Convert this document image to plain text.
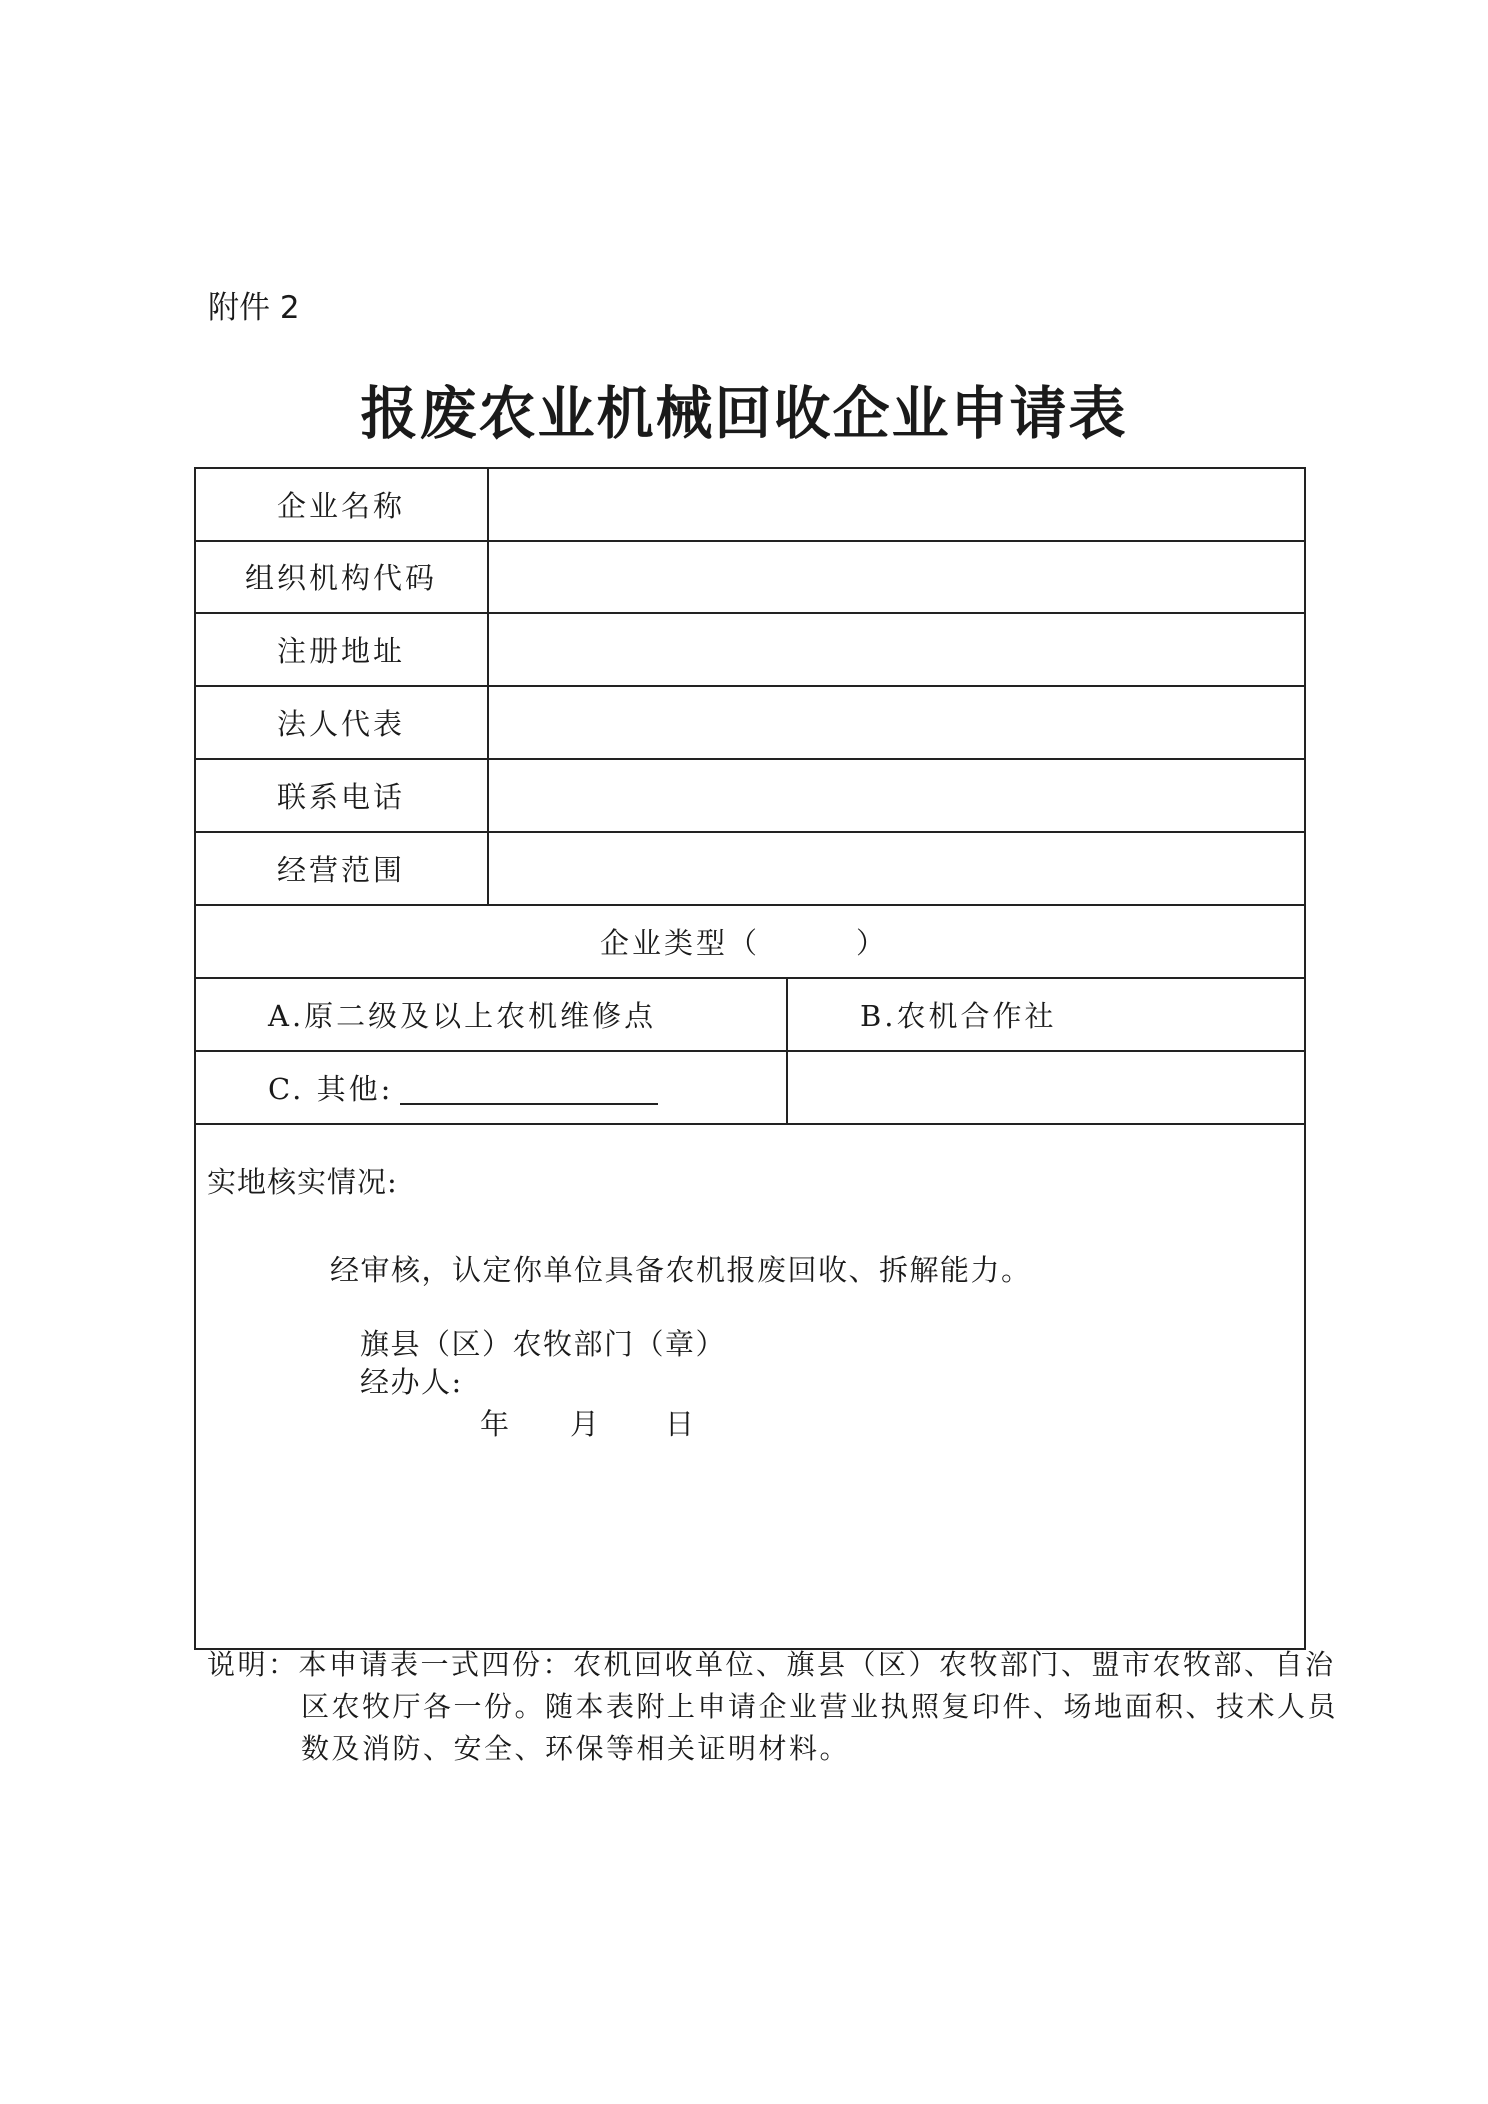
附件 2
报废农业机械回收企业申请表
企业名称
组织机构代码
注册地址
法人代表
联系电话
经营范围
企业类型（　　　）
A.原二级及以上农机维修点	B.农机合作社
C. 其他:
实地核实情况:
经审核，认定你单位具备农机报废回收、拆解能力。
旗县（区）农牧部门（章）
经办人:
年 月 日
说明：本申请表一式四份：农机回收单位、旗县（区）农牧部门、盟市农牧部、自治
区农牧厅各一份。随本表附上申请企业营业执照复印件、场地面积、技术人员
数及消防、安全、环保等相关证明材料。
